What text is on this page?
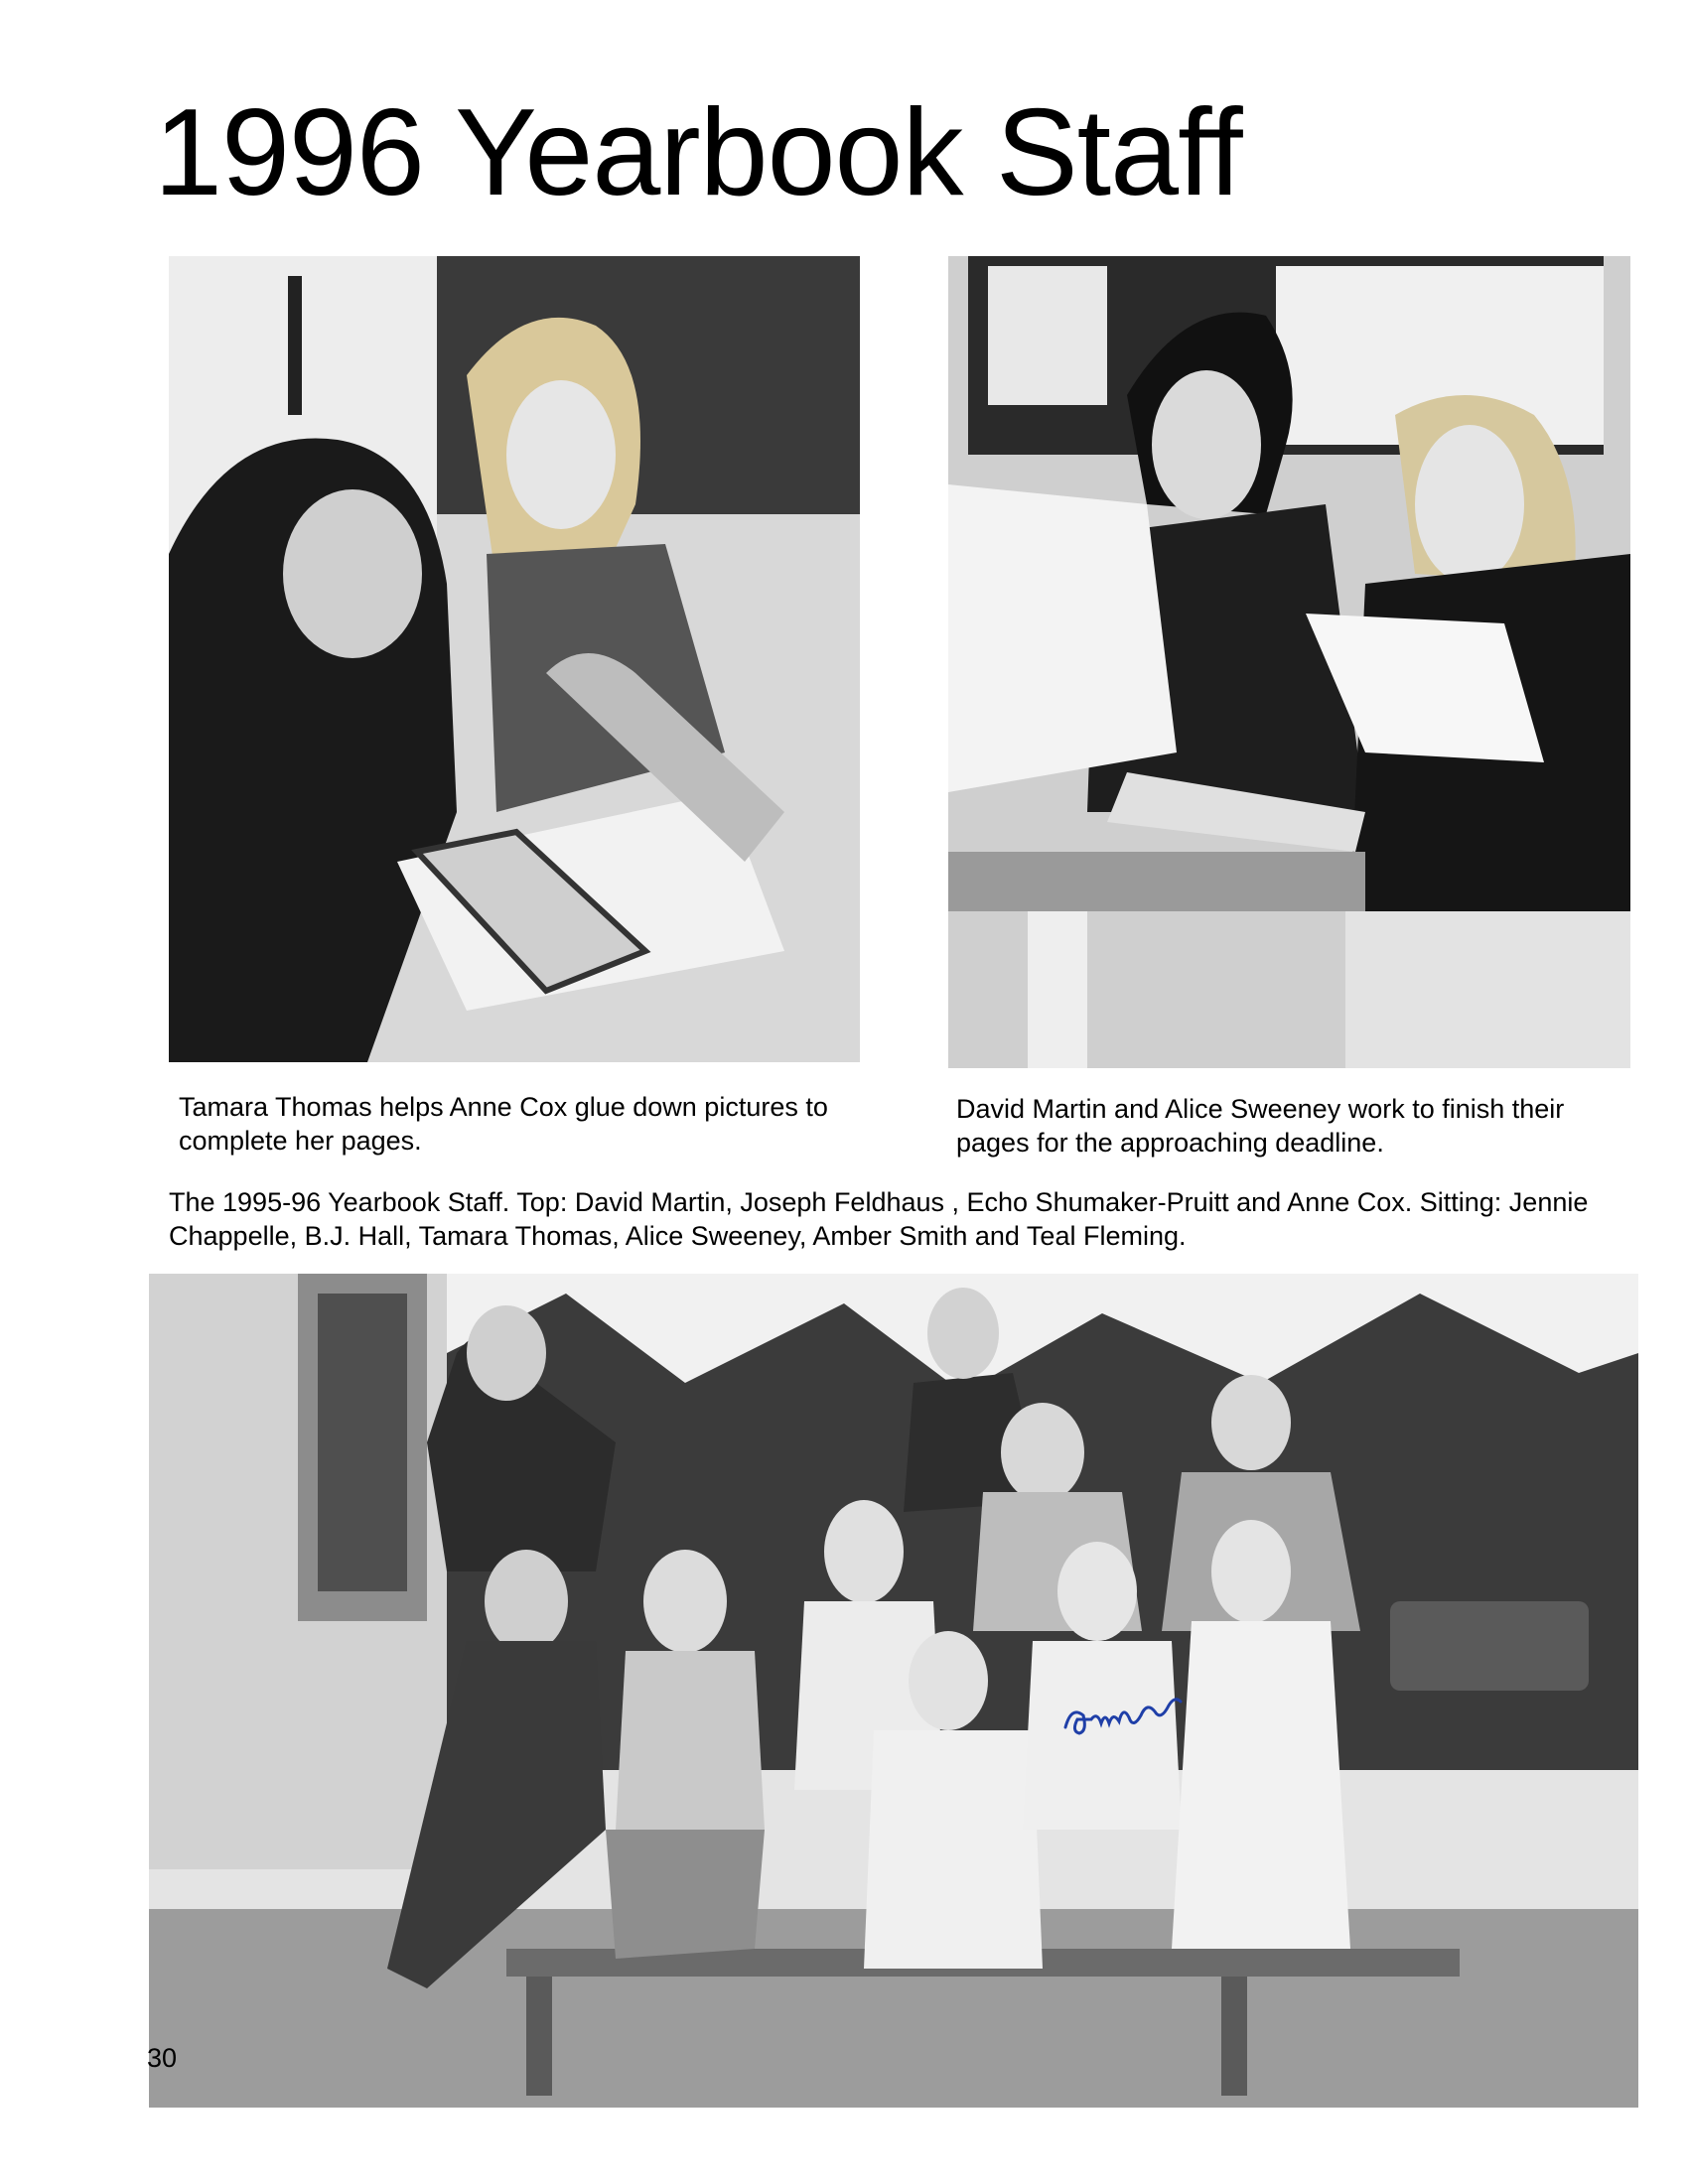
1996 Yearbook Staff

Tamara Thomas helps Anne Cox glue down pictures to complete her pages.

David Martin and Alice Sweeney work to finish their pages for the approaching deadline.

The 1995-96 Yearbook Staff. Top: David Martin, Joseph Feldhaus , Echo Shumaker-Pruitt and Anne Cox. Sitting: Jennie Chappelle, B.J. Hall, Tamara Thomas, Alice Sweeney, Amber Smith and Teal Fleming.

30
